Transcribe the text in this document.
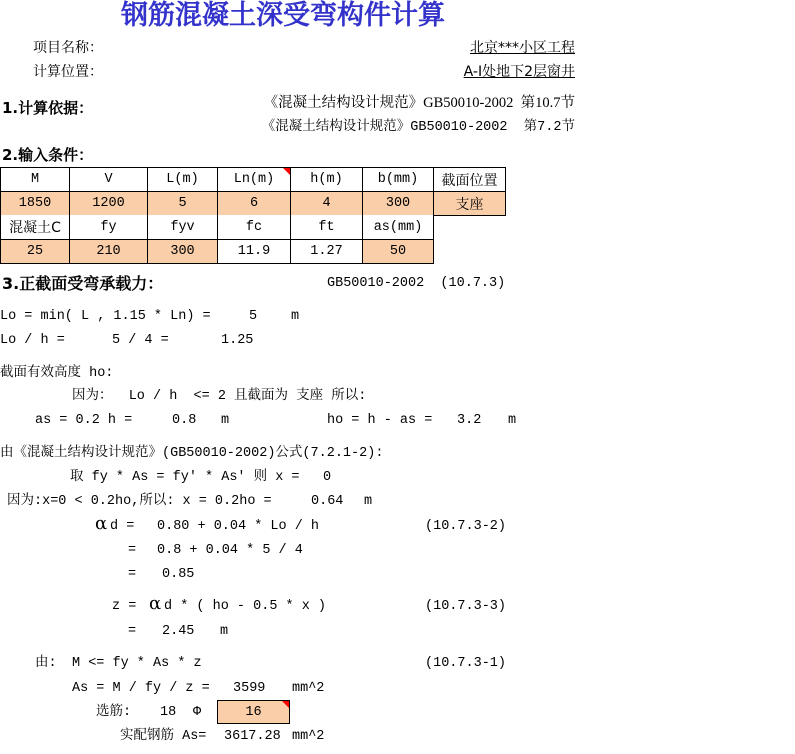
钢筋混凝土深受弯构件计算
项目名称：	北京***小区工程
计算位置：	A-I处地下2层窗井
1.计算依据：	《混凝土结构设计规范》GB50010-2002  第10.7节
《混凝土结构设计规范》GB50010-2002  第7.2节
2.输入条件：
M	V	L(m)	Ln(m)	h(m)	b(mm)	截面位置
1850	1200	5	6	4	300	支座
混凝土C	fy	fyv	fc	ft	as(mm)
25	210	300	11.9	1.27	50
3.正截面受弯承载力：	GB50010-2002  (10.7.3)
Lo = min( L , 1.15 * Ln) =	5	m
Lo / h =	5 / 4 =	1.25
截面有效高度 ho:
因为：  Lo / h  <= 2 且截面为 支座 所以:
as = 0.2 h =	0.8 m	ho = h - as = 3.2 m
由《混凝土结构设计规范》(GB50010-2002)公式(7.2.1-2):
取 fy * As = fy' * As' 则 x = 0
因为:x=0 < 0.2ho,所以: x = 0.2ho =	0.64 m
α d = 0.80 + 0.04 * Lo / h	(10.7.3-2)
= 0.8 + 0.04 * 5 / 4
= 0.85
z = α d * ( ho - 0.5 * x )	(10.7.3-3)
= 2.45 m
由: M <= fy * As * z	(10.7.3-1)
As = M / fy / z = 3599 mm^2
选筋: 18 Φ	16
实配钢筋 As= 3617.28 mm^2
